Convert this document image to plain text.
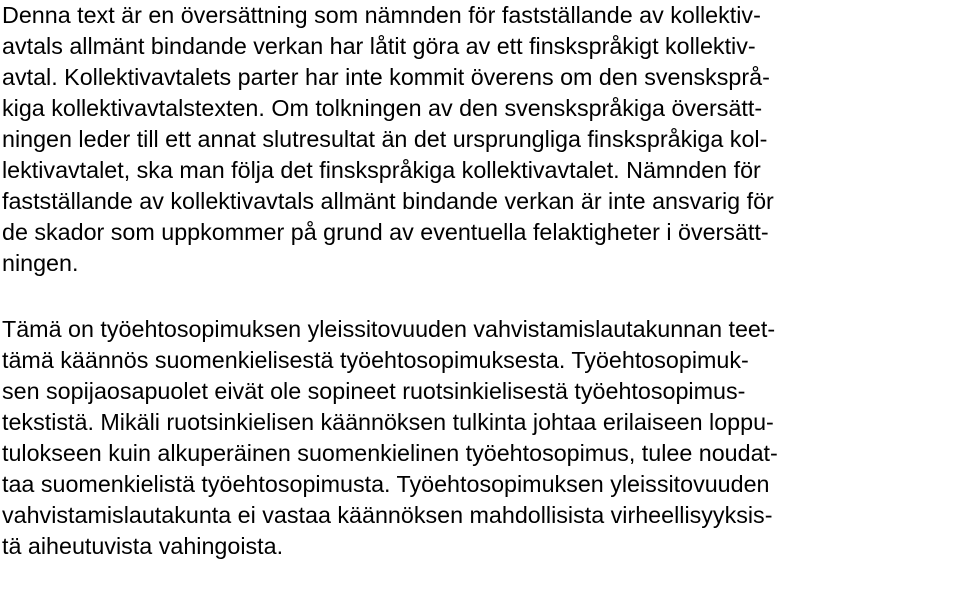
Denna text är en översättning som nämnden för fastställande av kollektiv-

avtals allmänt bindande verkan har låtit göra av ett finskspråkigt kollektiv-

avtal. Kollektivavtalets parter har inte kommit överens om den svensksprå-

kiga kollektivavtalstexten. Om tolkningen av den svenskspråkiga översätt-

ningen leder till ett annat slutresultat än det ursprungliga finskspråkiga kol-

lektivavtalet, ska man följa det finskspråkiga kollektivavtalet. Nämnden för

fastställande av kollektivavtals allmänt bindande verkan är inte ansvarig för

de skador som uppkommer på grund av eventuella felaktigheter i översätt-

ningen.

Tämä on työehtosopimuksen yleissitovuuden vahvistamislautakunnan teet-

tämä käännös suomenkielisestä työehtosopimuksesta. Työehtosopimuk-

sen sopijaosapuolet eivät ole sopineet ruotsinkielisestä työehtosopimus-

tekstistä. Mikäli ruotsinkielisen käännöksen tulkinta johtaa erilaiseen loppu-

tulokseen kuin alkuperäinen suomenkielinen työehtosopimus, tulee noudat-

taa suomenkielistä työehtosopimusta. Työehtosopimuksen yleissitovuuden

vahvistamislautakunta ei vastaa käännöksen mahdollisista virheellisyyksis-

tä aiheutuvista vahingoista.
